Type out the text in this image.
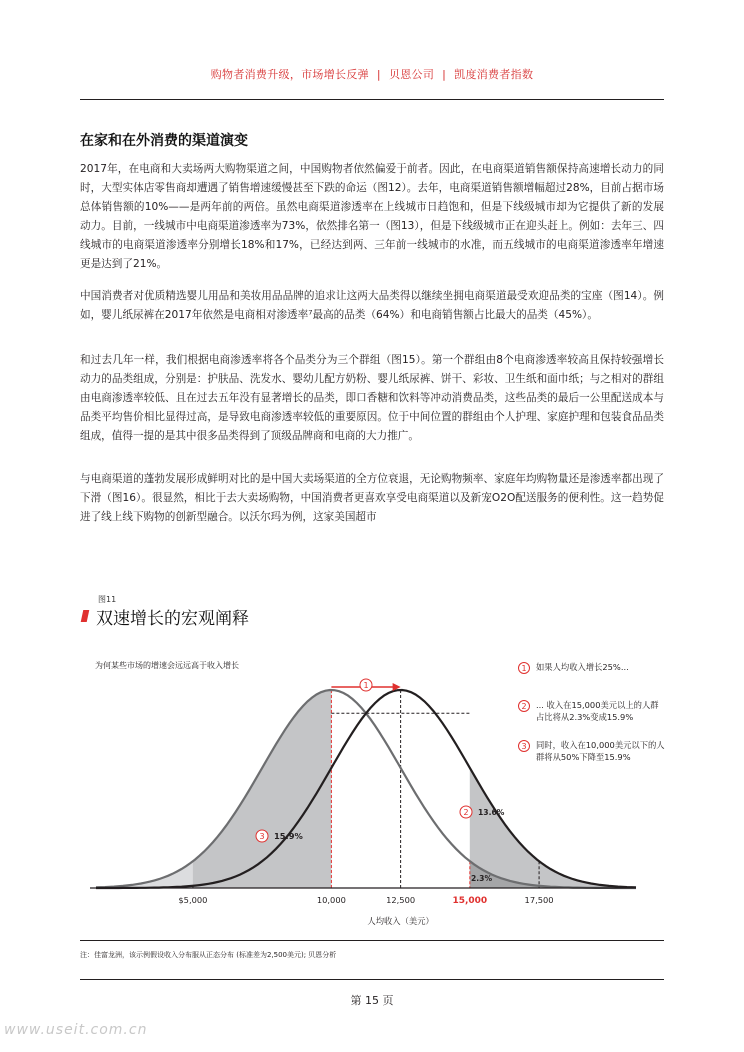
购物者消费升级，市场增长反弹 | 贝恩公司 | 凯度消费者指数
在家和在外消费的渠道演变

2017年，在电商和大卖场两大购物渠道之间，中国购物者依然偏爱于前者。因此，在电商渠道销售额保持高速增长动力的同时，大型实体店零售商却遭遇了销售增速缓慢甚至下跌的命运（图12）。去年，电商渠道销售额增幅超过28%，目前占据市场总体销售额的10%——是两年前的两倍。虽然电商渠道渗透率在上线城市日趋饱和，但是下线级城市却为它提供了新的发展动力。目前，一线城市中电商渠道渗透率为73%，依然排名第一（图13），但是下线级城市正在迎头赶上。例如：去年三、四线城市的电商渠道渗透率分别增长18%和17%，已经达到两、三年前一线城市的水准，而五线城市的电商渠道渗透率年增速更是达到了21%。

中国消费者对优质精选婴儿用品和美妆用品品牌的追求让这两大品类得以继续坐拥电商渠道最受欢迎品类的宝座（图14）。例如，婴儿纸尿裤在2017年依然是电商相对渗透率⁷最高的品类（64%）和电商销售额占比最大的品类（45%）。

和过去几年一样，我们根据电商渗透率将各个品类分为三个群组（图15）。第一个群组由8个电商渗透率较高且保持较强增长动力的品类组成，分别是：护肤品、洗发水、婴幼儿配方奶粉、婴儿纸尿裤、饼干、彩妆、卫生纸和面巾纸；与之相对的群组由电商渗透率较低、且在过去五年没有显著增长的品类，即口香糖和饮料等冲动消费品类，这些品类的最后一公里配送成本与品类平均售价相比显得过高，是导致电商渗透率较低的重要原因。位于中间位置的群组由个人护理、家庭护理和包装食品品类组成，值得一提的是其中很多品类得到了顶级品牌商和电商的大力推广。

与电商渠道的蓬勃发展形成鲜明对比的是中国大卖场渠道的全方位衰退，无论购物频率、家庭年均购物量还是渗透率都出现了下滑（图16）。很显然，相比于去大卖场购物，中国消费者更喜欢享受电商渠道以及新宠O2O配送服务的便利性。这一趋势促进了线上线下购物的创新型融合。以沃尔玛为例，这家美国超市

图11
双速增长的宏观阐释
为何某些市场的增速会远远高于收入增长
$5,000	10,000	12,500	15,000	17,500
人均收入（美元）
3 15.9%
2 13.6%
2.3%
1
1	如果人均收入增长25%...
2	... 收入在15,000美元以上的人群占比将从2.3%变成15.9%
3	同时，收入在10,000美元以下的人群将从50%下降至15.9%
注：佳富龙洲，该示例假设收入分布服从正态分布 (标准差为2,500美元); 贝恩分析
第 15 页
www.useit.com.cn
